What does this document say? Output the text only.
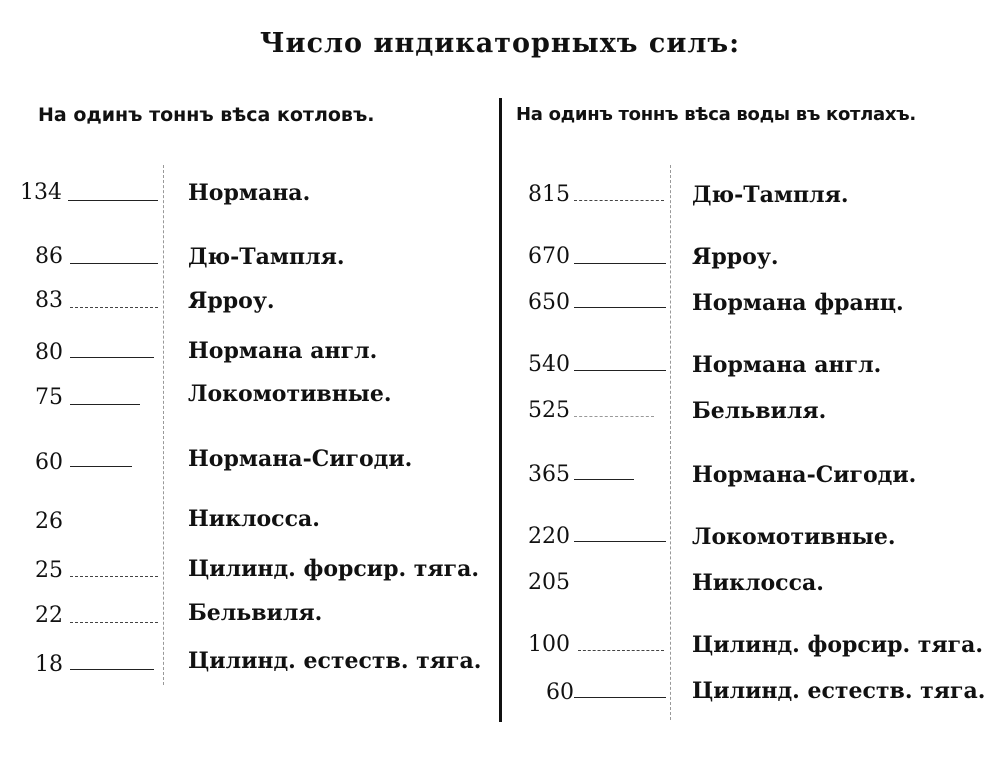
Число индикаторныхъ силъ:
На одинъ тоннъ вѣса котловъ.	На одинъ тоннъ вѣса воды въ котлахъ.
134	Нормана.
86	Дю-Тампля.
83	Ярроу.
80	Нормана англ.
75	Локомотивные.
60	Нормана-Сигоди.
26	Никлосса.
25	Цилинд. форсир. тяга.
22	Бельвиля.
18	Цилинд. естеств. тяга.
815	Дю-Тампля.
670	Ярроу.
650	Нормана франц.
540	Нормана англ.
525	Бельвиля.
365	Нормана-Сигоди.
220	Локомотивные.
205	Никлосса.
100	Цилинд. форсир. тяга.
60	Цилинд. естеств. тяга.
